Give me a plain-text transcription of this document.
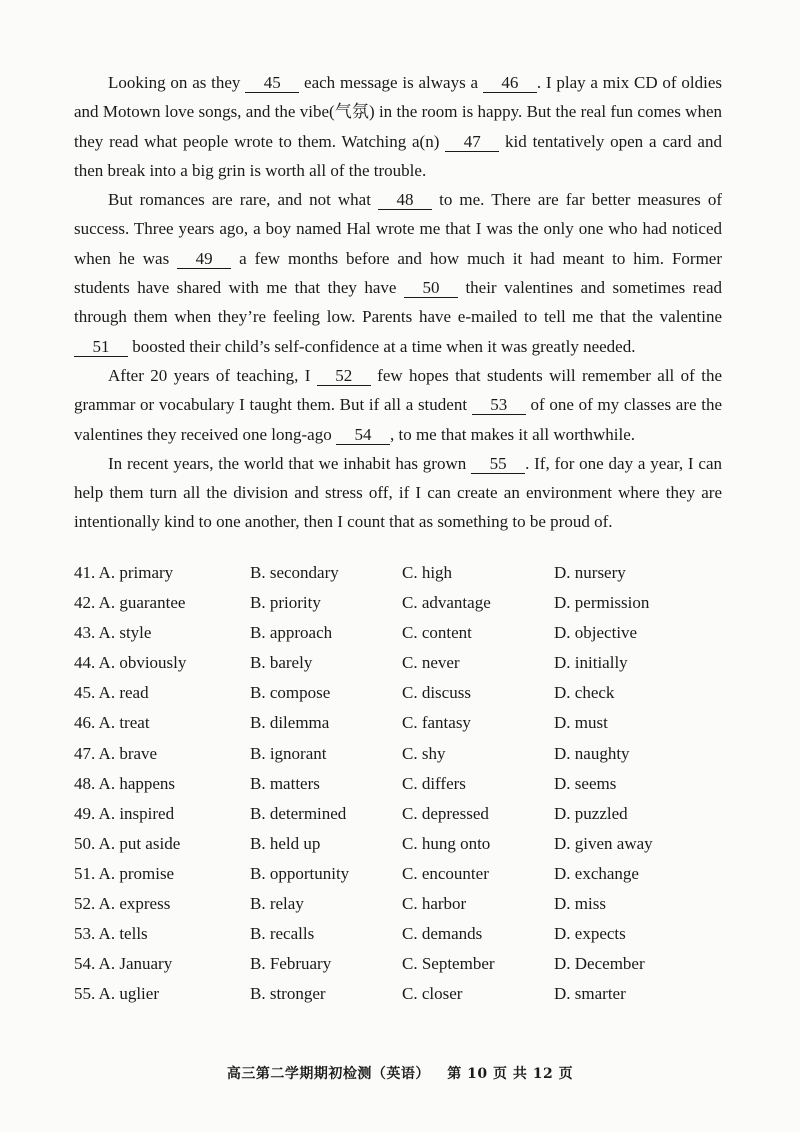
Looking on as they 45 each message is always a 46 . I play a mix CD of oldies and Motown love songs, and the vibe(气氛) in the room is happy. But the real fun comes when they read what people wrote to them. Watching a(n) 47 kid tentatively open a card and then break into a big grin is worth all of the trouble.

But romances are rare, and not what 48 to me. There are far better measures of success. Three years ago, a boy named Hal wrote me that I was the only one who had noticed when he was 49 a few months before and how much it had meant to him. Former students have shared with me that they have 50 their valentines and sometimes read through them when they’re feeling low. Parents have e-mailed to tell me that the valentine 51 boosted their child’s self-confidence at a time when it was greatly needed.

After 20 years of teaching, I 52 few hopes that students will remember all of the grammar or vocabulary I taught them. But if all a student 53 of one of my classes are the valentines they received one long-ago 54 , to me that makes it all worthwhile.

In recent years, the world that we inhabit has grown 55 . If, for one day a year, I can help them turn all the division and stress off, if I can create an environment where they are intentionally kind to one another, then I count that as something to be proud of.

41. A. primary	B. secondary	C. high	D. nursery
42. A. guarantee	B. priority	C. advantage	D. permission
43. A. style	B. approach	C. content	D. objective
44. A. obviously	B. barely	C. never	D. initially
45. A. read	B. compose	C. discuss	D. check
46. A. treat	B. dilemma	C. fantasy	D. must
47. A. brave	B. ignorant	C. shy	D. naughty
48. A. happens	B. matters	C. differs	D. seems
49. A. inspired	B. determined	C. depressed	D. puzzled
50. A. put aside	B. held up	C. hung onto	D. given away
51. A. promise	B. opportunity	C. encounter	D. exchange
52. A. express	B. relay	C. harbor	D. miss
53. A. tells	B. recalls	C. demands	D. expects
54. A. January	B. February	C. September	D. December
55. A. uglier	B. stronger	C. closer	D. smarter
高三第二学期期初检测（英语） 第 10 页 共 12 页
